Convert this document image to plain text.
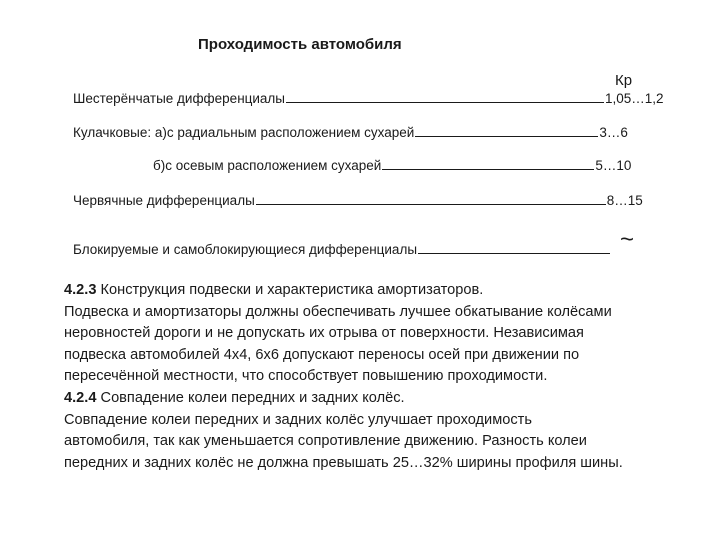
Проходимость автомобиля
Кр
Шестерёнчатые дифференциалы	1,05…1,2
Кулачковые: а)с радиальным расположением сухарей	3…6
б)с осевым расположением сухарей	5…10
Червячные дифференциалы	8…15
Блокируемые и самоблокирующиеся дифференциалы	~
4.2.3 Конструкция подвески и характеристика амортизаторов.
Подвеска и амортизаторы должны обеспечивать лучшее обкатывание колёсами
неровностей дороги и не допускать их отрыва от поверхности. Независимая
подвеска автомобилей 4х4, 6х6 допускают переносы осей при движении по
пересечённой местности, что способствует повышению проходимости.
4.2.4 Совпадение колеи передних и задних колёс.
Совпадение колеи передних и задних колёс улучшает проходимость
автомобиля, так как уменьшается сопротивление движению. Разность колеи
передних и задних колёс не должна превышать 25…32% ширины профиля шины.
